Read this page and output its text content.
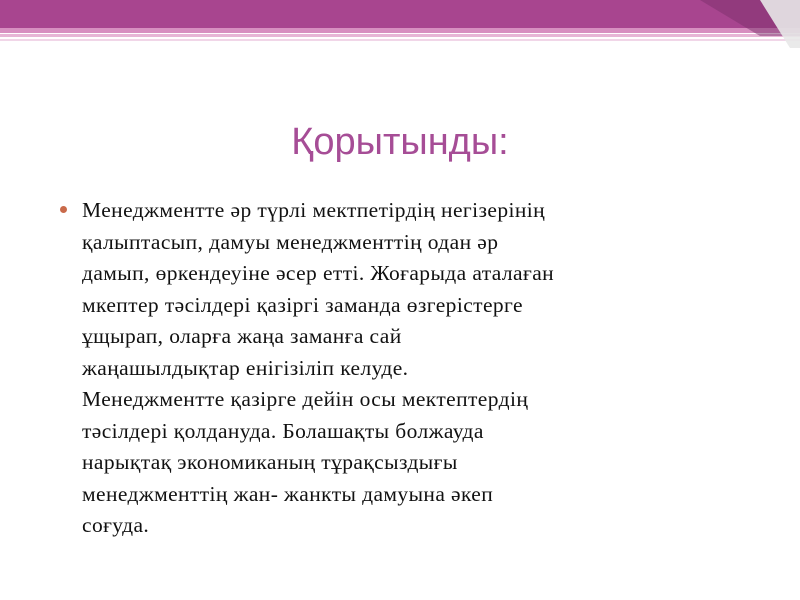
Қорытынды:
Менеджментте әр түрлі мектпетірдің негізерінің
қалыптасып, дамуы менеджменттің одан әр
дамып, өркендеуіне әсер етті. Жоғарыда аталаған
мкептер тәсілдері қазіргі заманда өзгерістерге
ұщырап, оларға жаңа заманға сай
жаңашылдықтар енігізіліп келуде.
Менеджментте қазірге дейін осы мектептердің
тәсілдері қолдануда. Болашақты болжауда
нарықтақ экономиканың тұрақсыздығы
менеджменттің жан- жанкты дамуына әкеп
соғуда.
